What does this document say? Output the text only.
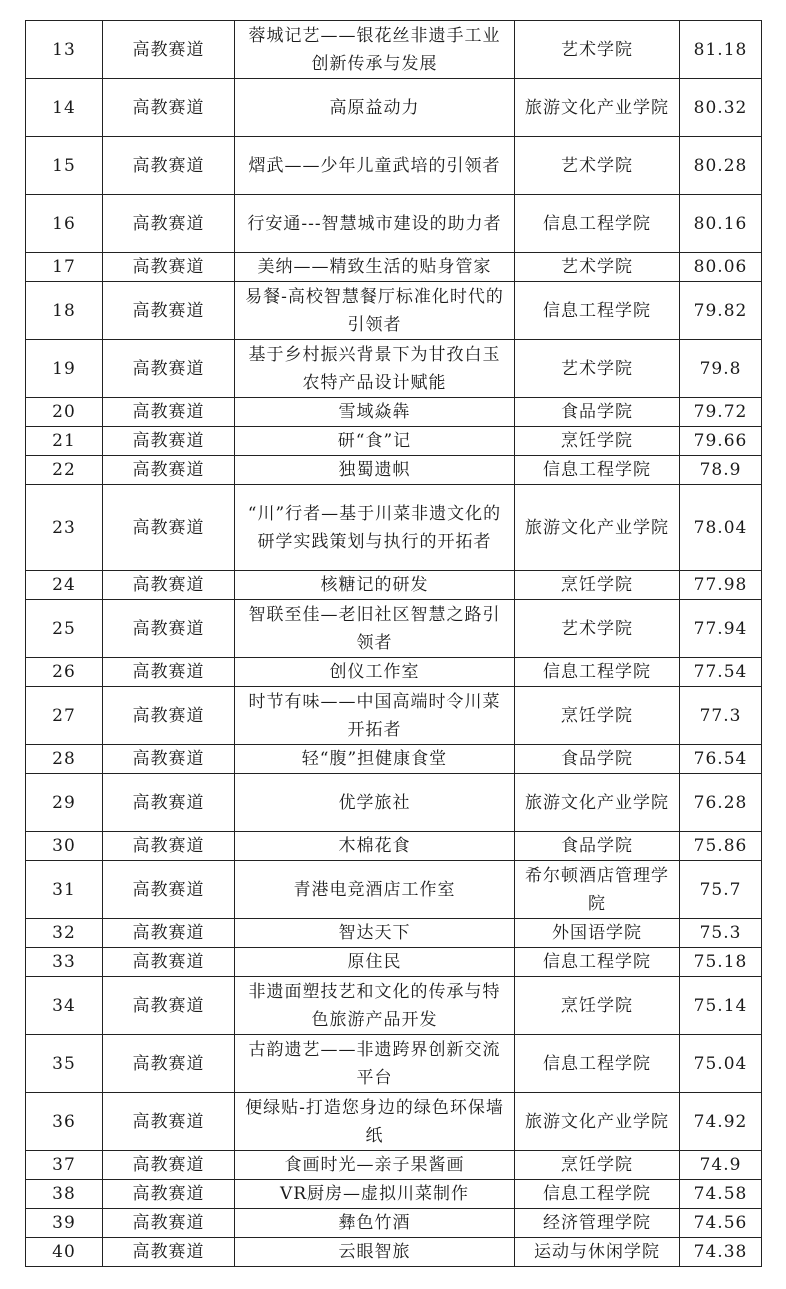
13	高教赛道	蓉城记艺——银花丝非遗手工业创新传承与发展	艺术学院	81.18
14	高教赛道	高原益动力	旅游文化产业学院	80.32
15	高教赛道	熠武——少年儿童武培的引领者	艺术学院	80.28
16	高教赛道	行安通---智慧城市建设的助力者	信息工程学院	80.16
17	高教赛道	美纳——精致生活的贴身管家	艺术学院	80.06
18	高教赛道	易餐-高校智慧餐厅标准化时代的引领者	信息工程学院	79.82
19	高教赛道	基于乡村振兴背景下为甘孜白玉农特产品设计赋能	艺术学院	79.8
20	高教赛道	雪域焱犇	食品学院	79.72
21	高教赛道	研“食”记	烹饪学院	79.66
22	高教赛道	独蜀遗帜	信息工程学院	78.9
23	高教赛道	“川”行者—基于川菜非遗文化的研学实践策划与执行的开拓者	旅游文化产业学院	78.04
24	高教赛道	核糖记的研发	烹饪学院	77.98
25	高教赛道	智联至佳—老旧社区智慧之路引领者	艺术学院	77.94
26	高教赛道	创仪工作室	信息工程学院	77.54
27	高教赛道	时节有味——中国高端时令川菜开拓者	烹饪学院	77.3
28	高教赛道	轻“腹”担健康食堂	食品学院	76.54
29	高教赛道	优学旅社	旅游文化产业学院	76.28
30	高教赛道	木棉花食	食品学院	75.86
31	高教赛道	青港电竞酒店工作室	希尔顿酒店管理学院	75.7
32	高教赛道	智达天下	外国语学院	75.3
33	高教赛道	原住民	信息工程学院	75.18
34	高教赛道	非遗面塑技艺和文化的传承与特色旅游产品开发	烹饪学院	75.14
35	高教赛道	古韵遗艺——非遗跨界创新交流平台	信息工程学院	75.04
36	高教赛道	便绿贴-打造您身边的绿色环保墙纸	旅游文化产业学院	74.92
37	高教赛道	食画时光—亲子果酱画	烹饪学院	74.9
38	高教赛道	VR厨房—虚拟川菜制作	信息工程学院	74.58
39	高教赛道	彝色竹酒	经济管理学院	74.56
40	高教赛道	云眼智旅	运动与休闲学院	74.38
